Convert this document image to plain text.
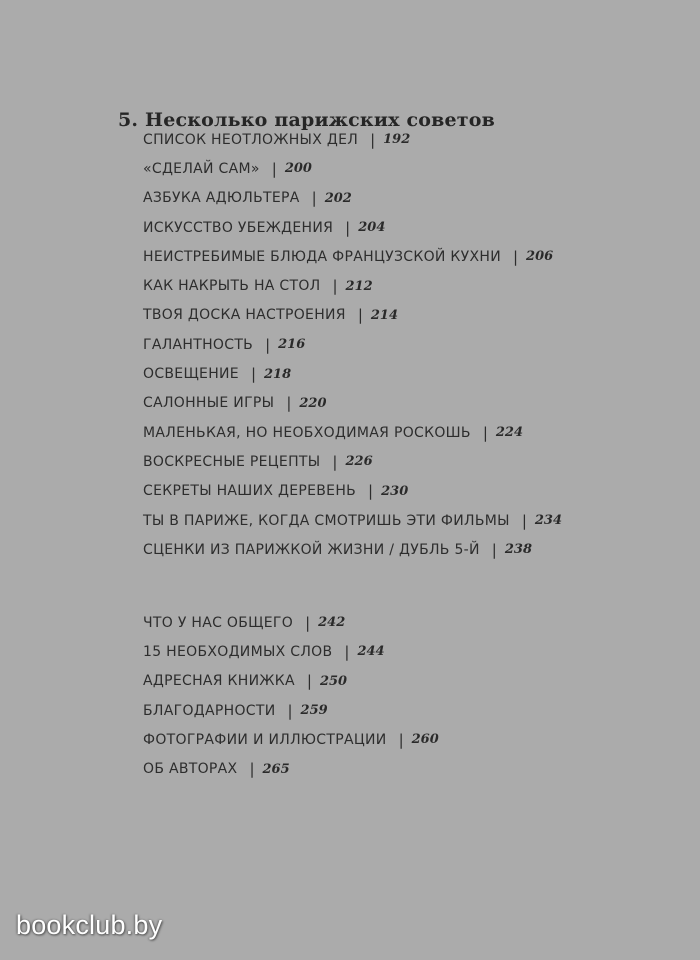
5. Несколько парижских советов
СПИСОК НЕОТЛОЖНЫХ ДЕЛ | 192
«СДЕЛАЙ САМ» | 200
АЗБУКА АДЮЛЬТЕРА | 202
ИСКУССТВО УБЕЖДЕНИЯ | 204
НЕИСТРЕБИМЫЕ БЛЮДА ФРАНЦУЗСКОЙ КУХНИ | 206
КАК НАКРЫТЬ НА СТОЛ | 212
ТВОЯ ДОСКА НАСТРОЕНИЯ | 214
ГАЛАНТНОСТЬ | 216
ОСВЕЩЕНИЕ | 218
САЛОННЫЕ ИГРЫ | 220
МАЛЕНЬКАЯ, НО НЕОБХОДИМАЯ РОСКОШЬ | 224
ВОСКРЕСНЫЕ РЕЦЕПТЫ | 226
СЕКРЕТЫ НАШИХ ДЕРЕВЕНЬ | 230
ТЫ В ПАРИЖЕ, КОГДА СМОТРИШЬ ЭТИ ФИЛЬМЫ | 234
СЦЕНКИ ИЗ ПАРИЖКОЙ ЖИЗНИ / ДУБЛЬ 5-Й | 238
ЧТО У НАС ОБЩЕГО | 242
15 НЕОБХОДИМЫХ СЛОВ | 244
АДРЕСНАЯ КНИЖКА | 250
БЛАГОДАРНОСТИ | 259
ФОТОГРАФИИ И ИЛЛЮСТРАЦИИ | 260
ОБ АВТОРАХ | 265
bookclub.by
